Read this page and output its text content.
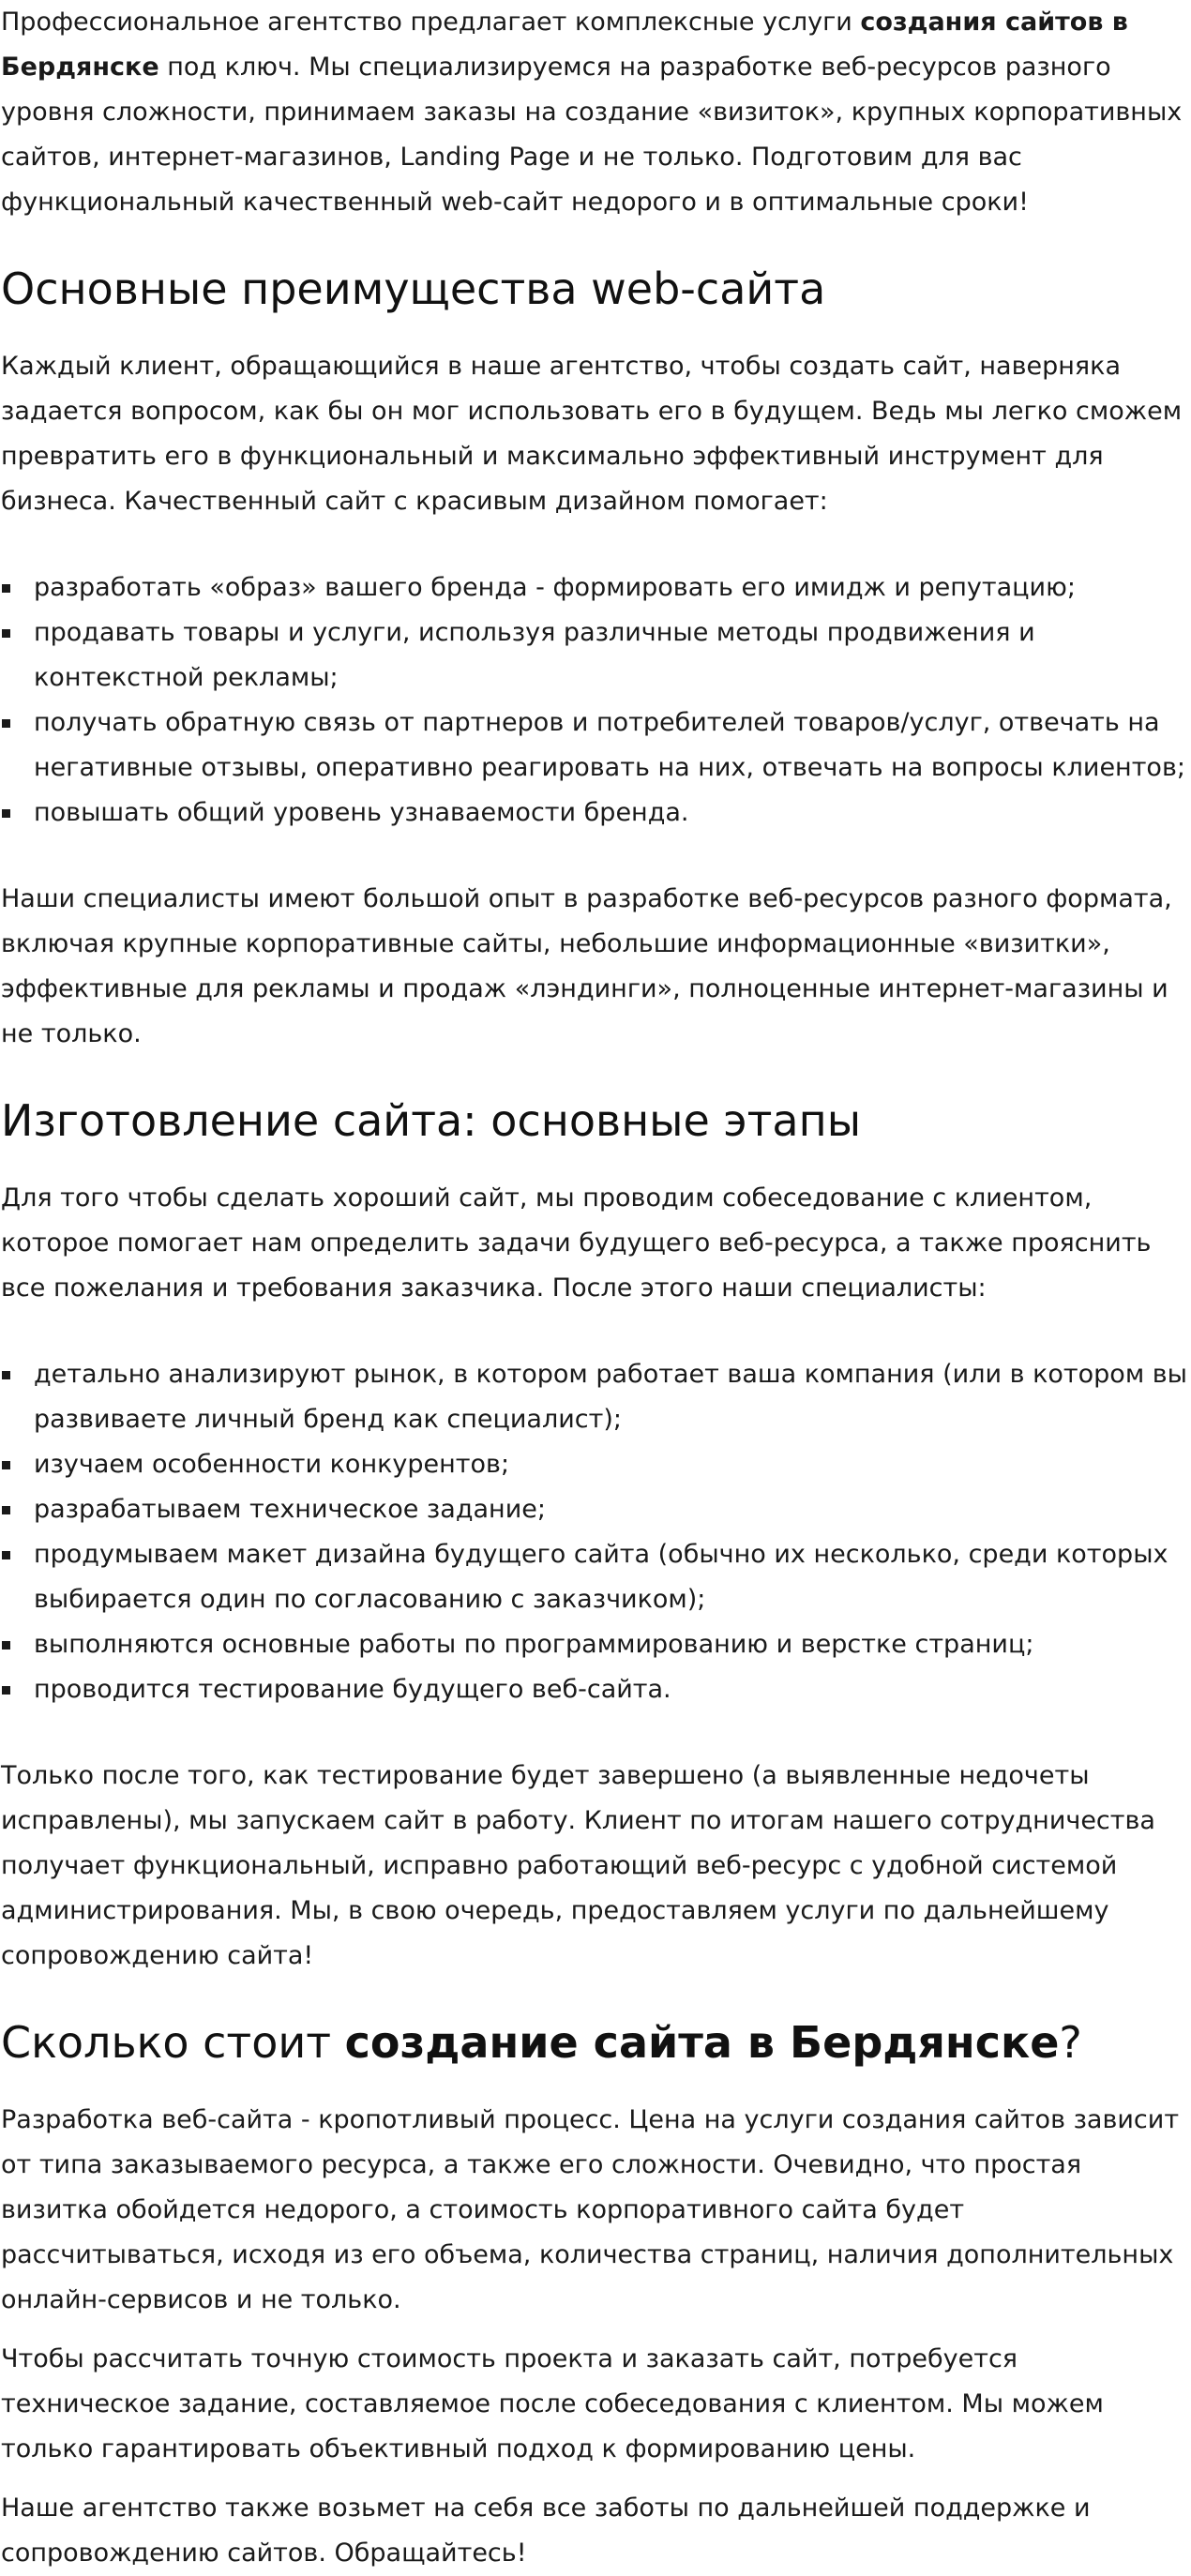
Профессиональное агентство предлагает комплексные услуги создания сайтов в Бердянске под ключ. Мы специализируемся на разработке веб-ресурсов разного уровня сложности, принимаем заказы на создание «визиток», крупных корпоративных сайтов, интернет-магазинов, Landing Page и не только. Подготовим для вас функциональный качественный web-сайт недорого и в оптимальные сроки!

Основные преимущества web-сайта

Каждый клиент, обращающийся в наше агентство, чтобы создать сайт, наверняка задается вопросом, как бы он мог использовать его в будущем. Ведь мы легко сможем превратить его в функциональный и максимально эффективный инструмент для бизнеса. Качественный сайт с красивым дизайном помогает:

разработать «образ» вашего бренда - формировать его имидж и репутацию;
продавать товары и услуги, используя различные методы продвижения и контекстной рекламы;
получать обратную связь от партнеров и потребителей товаров/услуг, отвечать на негативные отзывы, оперативно реагировать на них, отвечать на вопросы клиентов;
повышать общий уровень узнаваемости бренда.

Наши специалисты имеют большой опыт в разработке веб-ресурсов разного формата, включая крупные корпоративные сайты, небольшие информационные «визитки», эффективные для рекламы и продаж «лэндинги», полноценные интернет-магазины и не только.

Изготовление сайта: основные этапы

Для того чтобы сделать хороший сайт, мы проводим собеседование с клиентом, которое помогает нам определить задачи будущего веб-ресурса, а также прояснить все пожелания и требования заказчика. После этого наши специалисты:

детально анализируют рынок, в котором работает ваша компания (или в котором вы развиваете личный бренд как специалист);
изучаем особенности конкурентов;
разрабатываем техническое задание;
продумываем макет дизайна будущего сайта (обычно их несколько, среди которых выбирается один по согласованию с заказчиком);
выполняются основные работы по программированию и верстке страниц;
проводится тестирование будущего веб-сайта.

Только после того, как тестирование будет завершено (а выявленные недочеты исправлены), мы запускаем сайт в работу. Клиент по итогам нашего сотрудничества получает функциональный, исправно работающий веб-ресурс с удобной системой администрирования. Мы, в свою очередь, предоставляем услуги по дальнейшему сопровождению сайта!

Сколько стоит создание сайта в Бердянске?

Разработка веб-сайта - кропотливый процесс. Цена на услуги создания сайтов зависит от типа заказываемого ресурса, а также его сложности. Очевидно, что простая визитка обойдется недорого, а стоимость корпоративного сайта будет рассчитываться, исходя из его объема, количества страниц, наличия дополнительных онлайн-сервисов и не только.

Чтобы рассчитать точную стоимость проекта и заказать сайт, потребуется техническое задание, составляемое после собеседования с клиентом. Мы можем только гарантировать объективный подход к формированию цены.

Наше агентство также возьмет на себя все заботы по дальнейшей поддержке и сопровождению сайтов. Обращайтесь!
